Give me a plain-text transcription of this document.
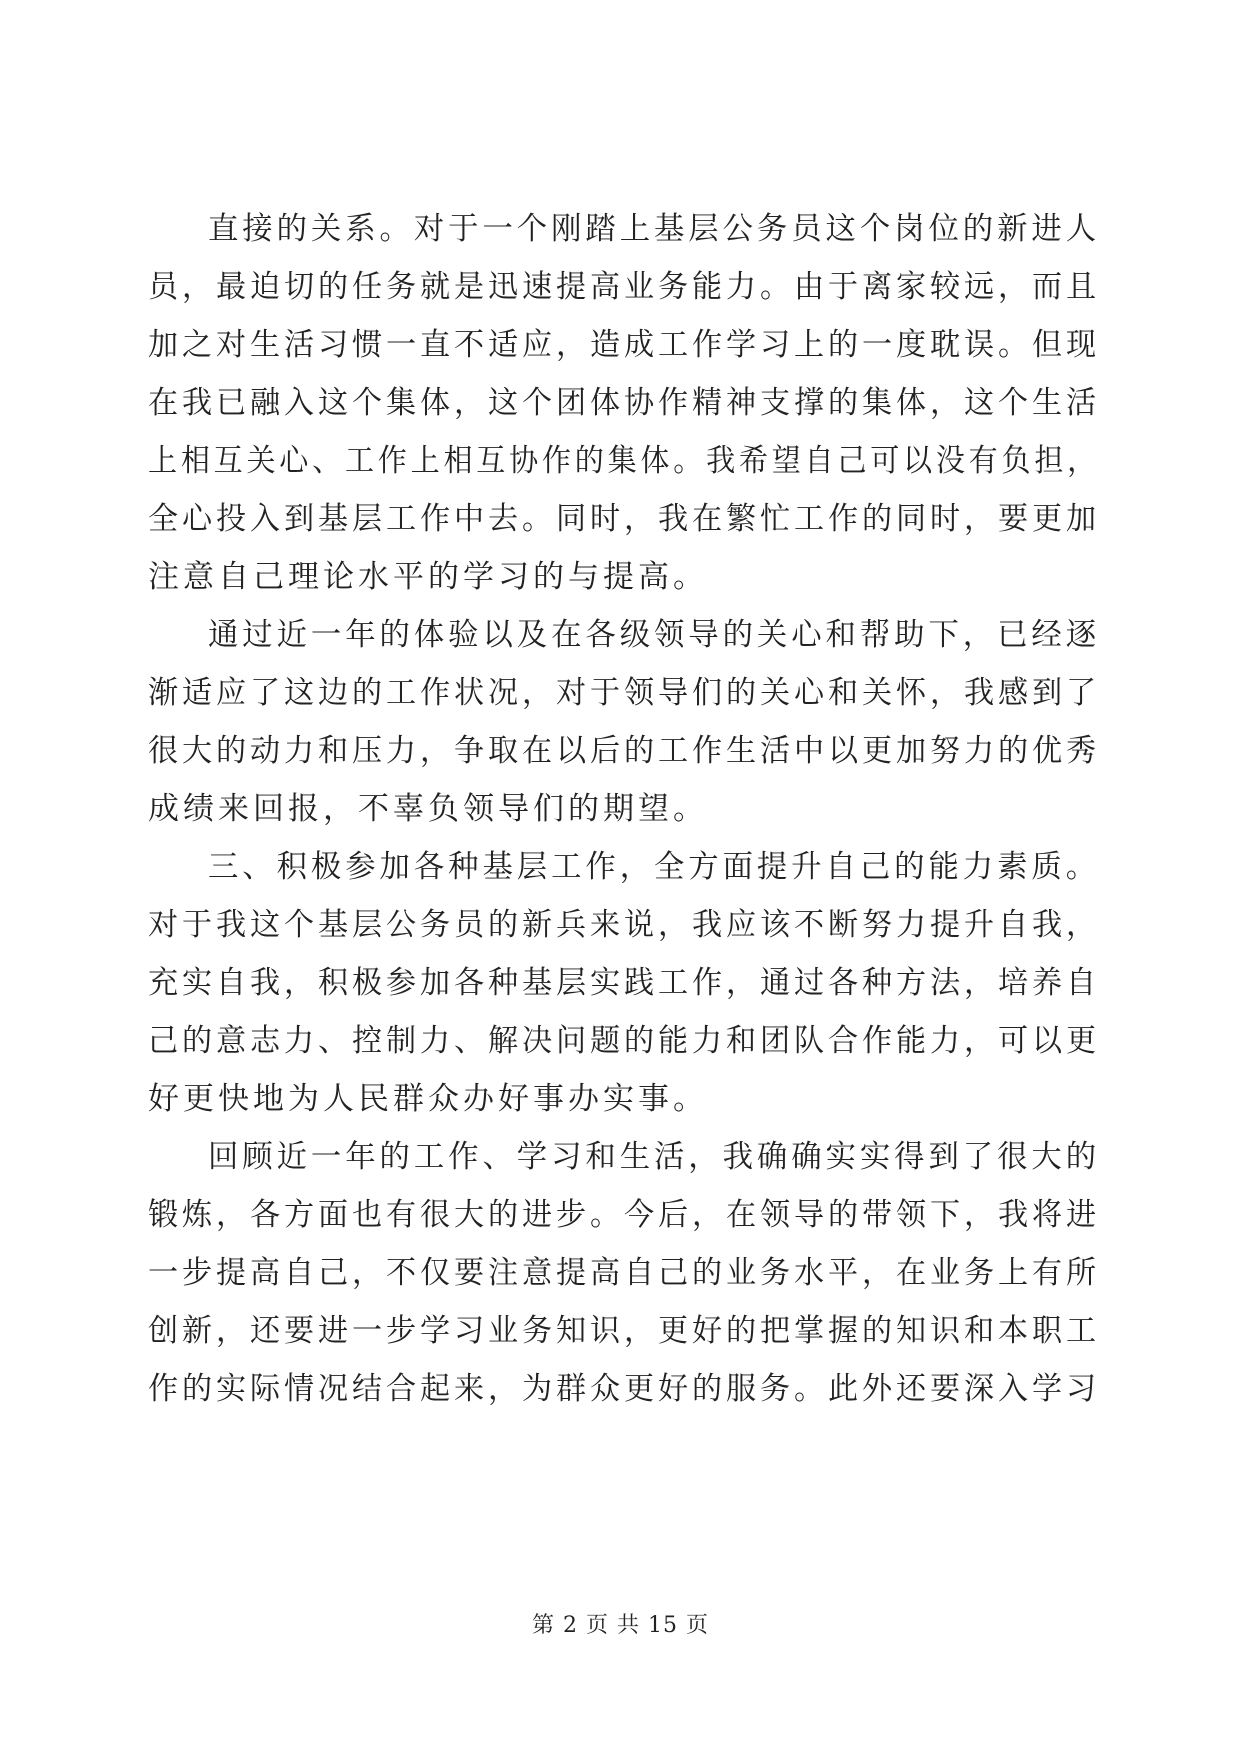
直接的关系。对于一个刚踏上基层公务员这个岗位的新进人
员，最迫切的任务就是迅速提高业务能力。由于离家较远，而且
加之对生活习惯一直不适应，造成工作学习上的一度耽误。但现
在我已融入这个集体，这个团体协作精神支撑的集体，这个生活
上相互关心、工作上相互协作的集体。我希望自己可以没有负担，
全心投入到基层工作中去。同时，我在繁忙工作的同时，要更加
注意自己理论水平的学习的与提高。
通过近一年的体验以及在各级领导的关心和帮助下，已经逐
渐适应了这边的工作状况，对于领导们的关心和关怀，我感到了
很大的动力和压力，争取在以后的工作生活中以更加努力的优秀
成绩来回报，不辜负领导们的期望。
三、积极参加各种基层工作，全方面提升自己的能力素质。
对于我这个基层公务员的新兵来说，我应该不断努力提升自我，
充实自我，积极参加各种基层实践工作，通过各种方法，培养自
己的意志力、控制力、解决问题的能力和团队合作能力，可以更
好更快地为人民群众办好事办实事。
回顾近一年的工作、学习和生活，我确确实实得到了很大的
锻炼，各方面也有很大的进步。今后，在领导的带领下，我将进
一步提高自己，不仅要注意提高自己的业务水平，在业务上有所
创新，还要进一步学习业务知识，更好的把掌握的知识和本职工
作的实际情况结合起来，为群众更好的服务。此外还要深入学习
第 2 页 共 15 页
